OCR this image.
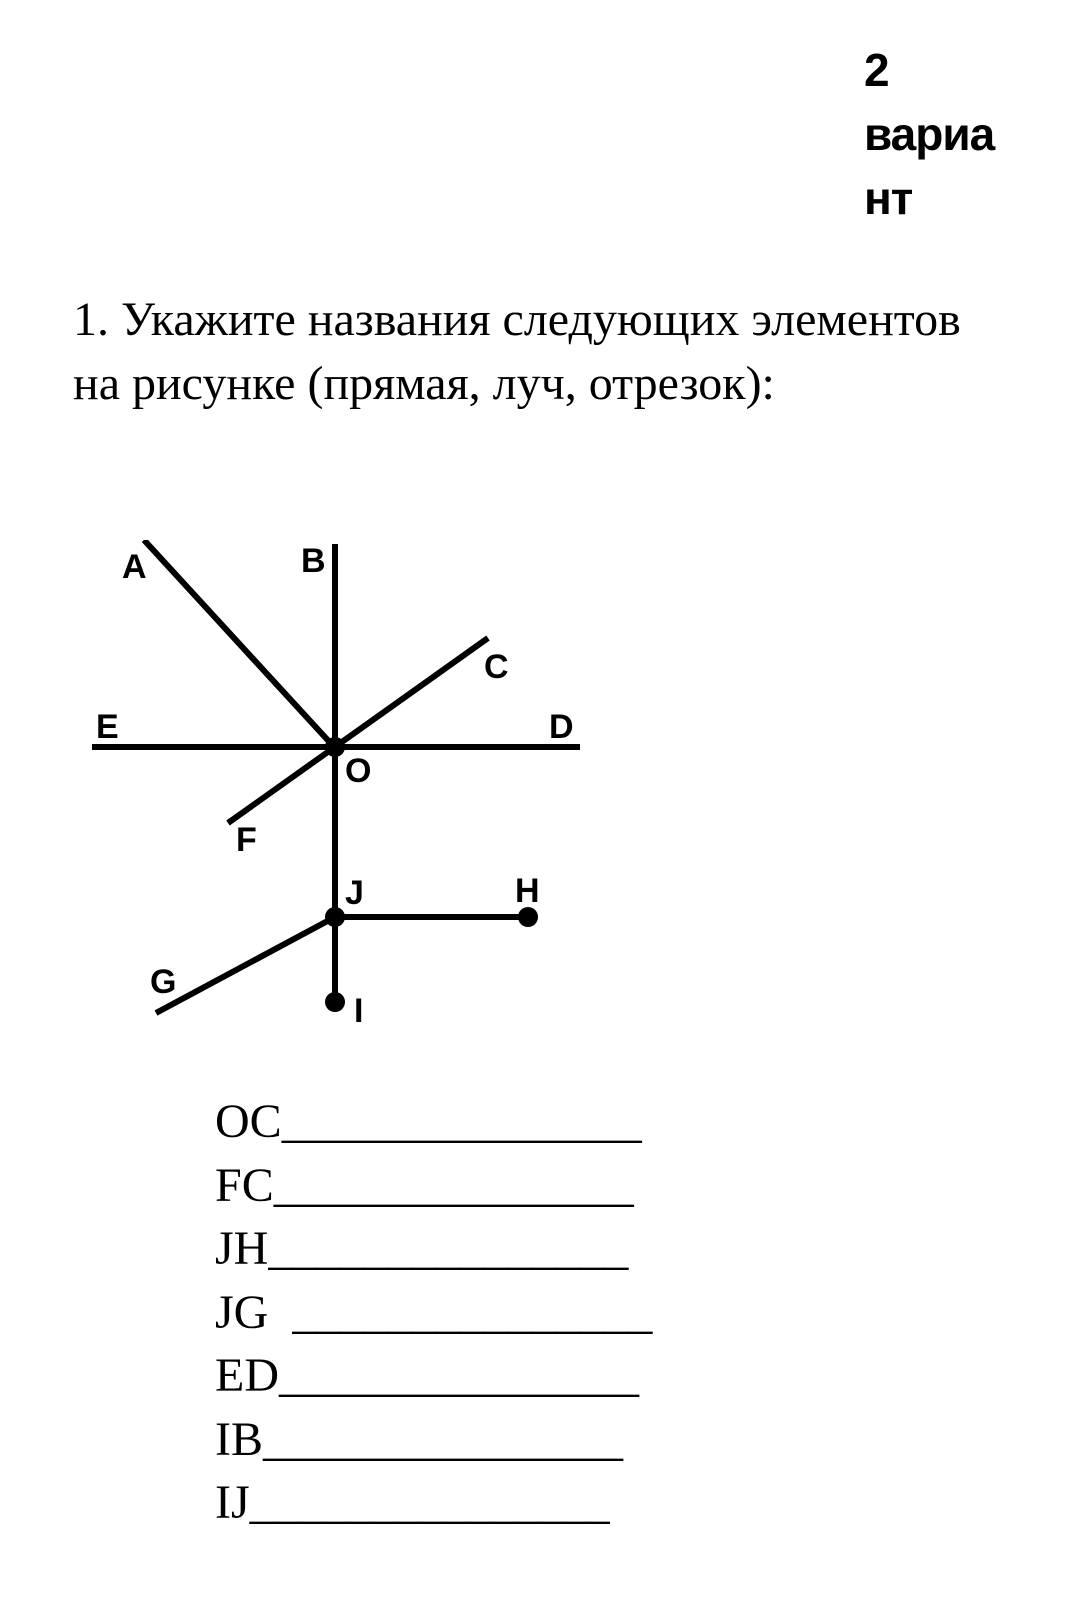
2
вариа
нт
1. Укажите названия следующих элементов на рисунке (прямая, луч, отрезок):
A	B
C
D
E
F
O
J	H
G
I
OC _______________
FC _______________
JH _______________
JG _______________
ED _______________
IB _______________
IJ _______________
